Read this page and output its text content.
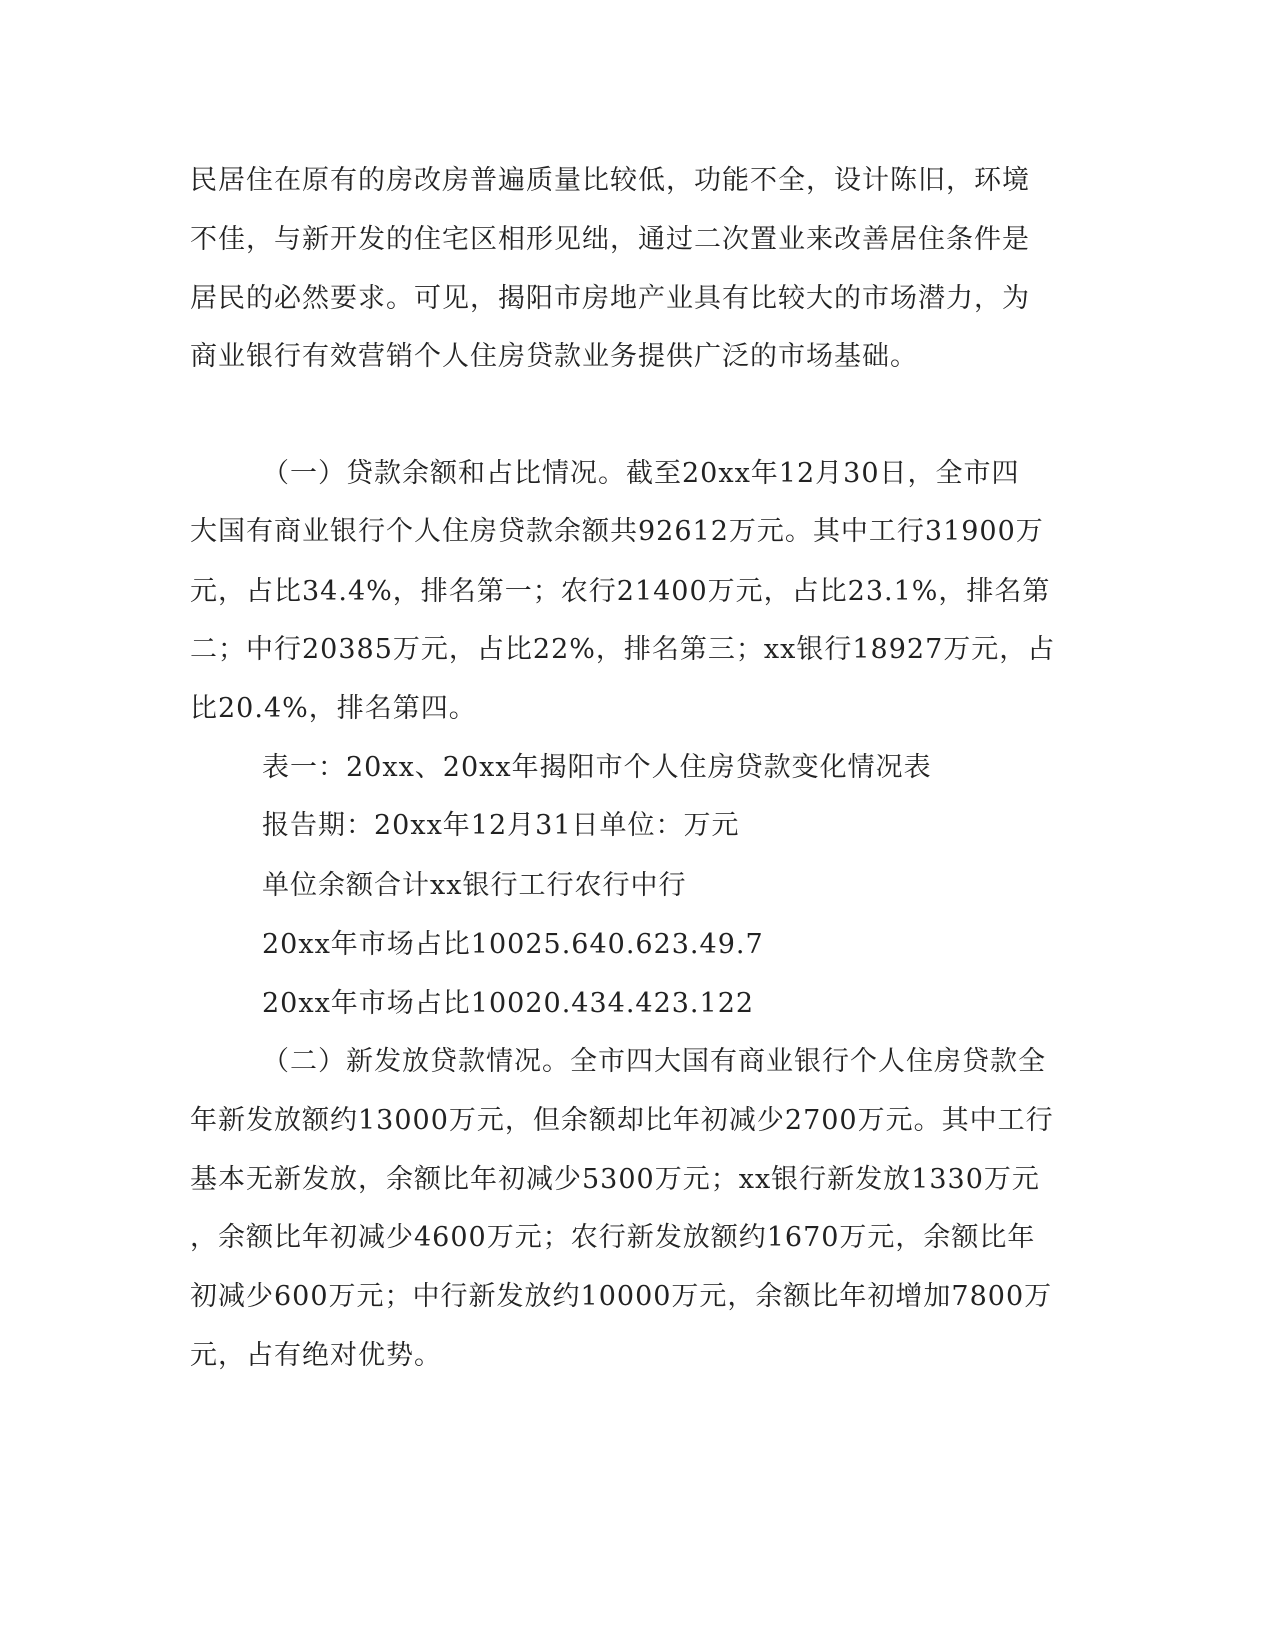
民居住在原有的房改房普遍质量比较低，功能不全，设计陈旧，环境
不佳，与新开发的住宅区相形见绌，通过二次置业来改善居住条件是
居民的必然要求。可见，揭阳市房地产业具有比较大的市场潜力，为
商业银行有效营销个人住房贷款业务提供广泛的市场基础。
（一）贷款余额和占比情况。截至20xx年12月30日，全市四
大国有商业银行个人住房贷款余额共92612万元。其中工行31900万
元，占比34.4%，排名第一；农行21400万元，占比23.1%，排名第
二；中行20385万元，占比22%，排名第三；xx银行18927万元，占
比20.4%，排名第四。
表一：20xx、20xx年揭阳市个人住房贷款变化情况表
报告期：20xx年12月31日单位：万元
单位余额合计xx银行工行农行中行
20xx年市场占比10025.640.623.49.7
20xx年市场占比10020.434.423.122
（二）新发放贷款情况。全市四大国有商业银行个人住房贷款全
年新发放额约13000万元，但余额却比年初减少2700万元。其中工行
基本无新发放，余额比年初减少5300万元；xx银行新发放1330万元
，余额比年初减少4600万元；农行新发放额约1670万元，余额比年
初减少600万元；中行新发放约10000万元，余额比年初增加7800万
元，占有绝对优势。
